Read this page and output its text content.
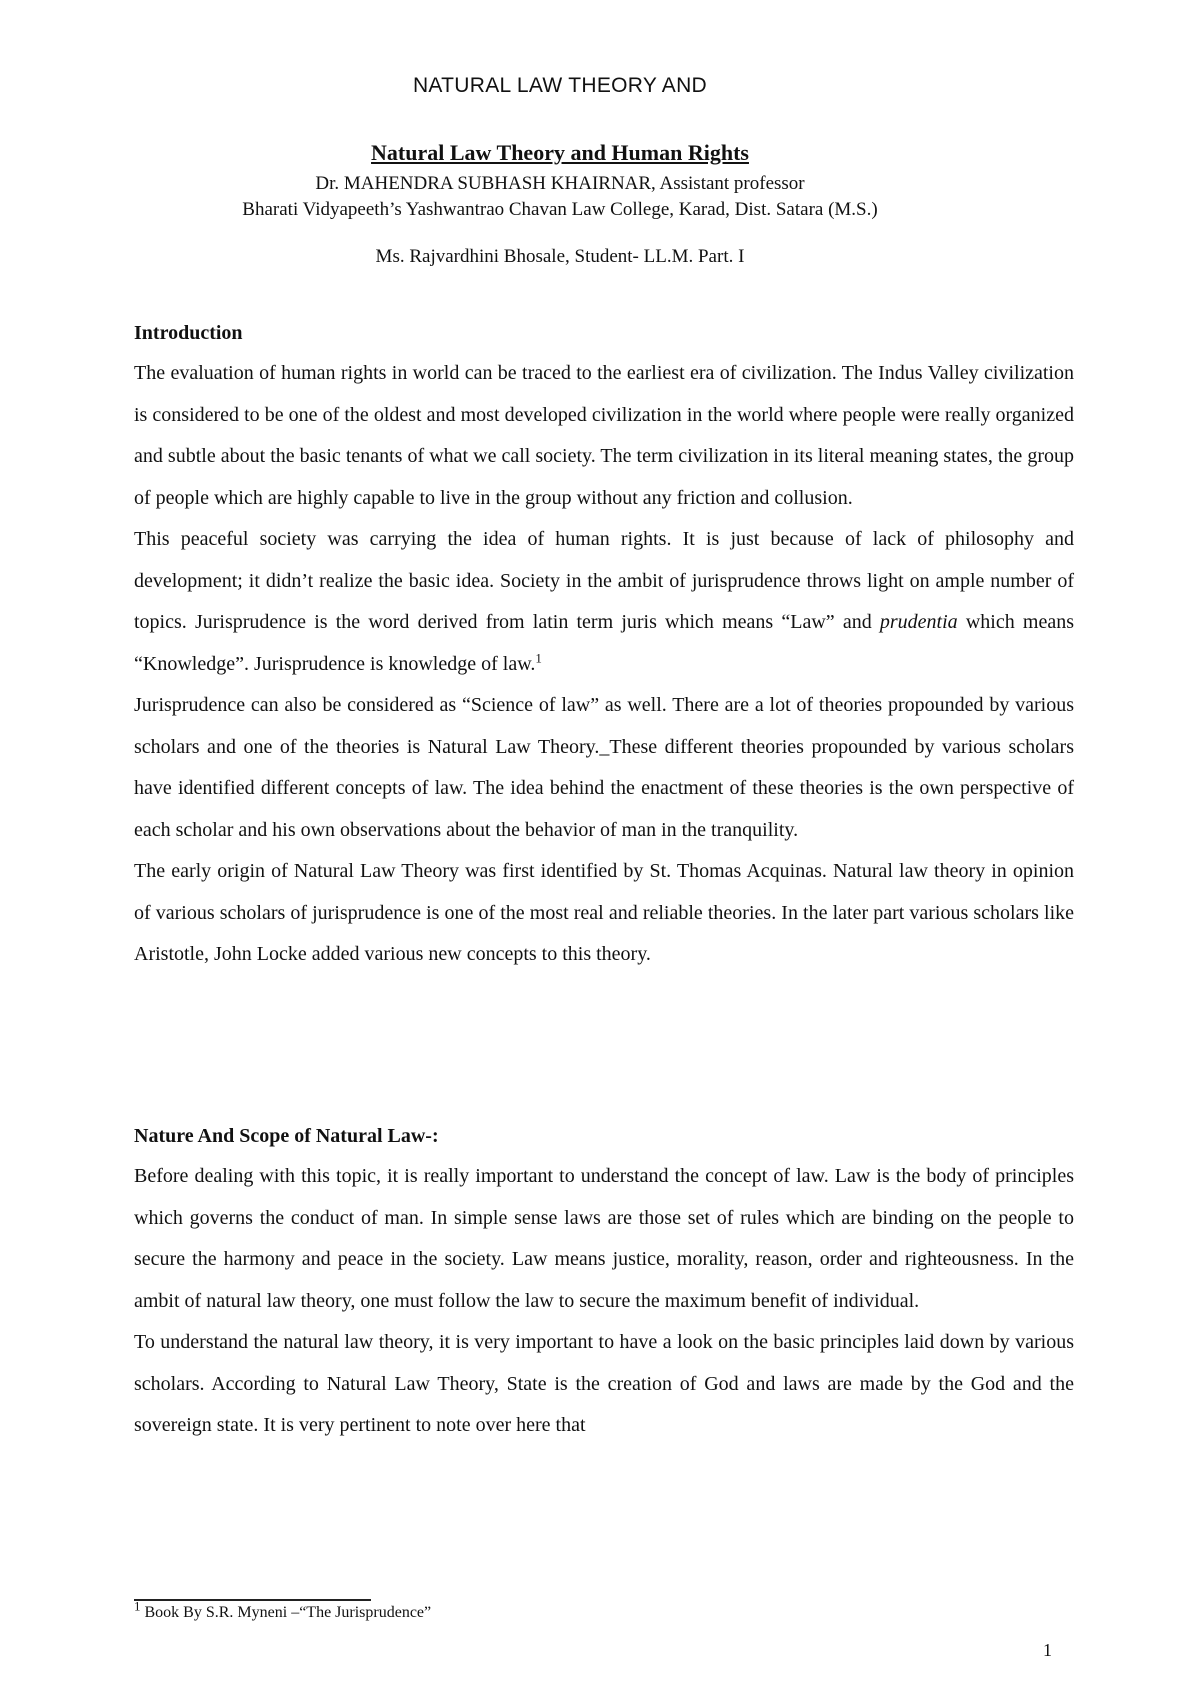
NATURAL LAW THEORY AND
Natural Law Theory and Human Rights
Dr. MAHENDRA SUBHASH KHAIRNAR, Assistant professor
Bharati Vidyapeeth’s Yashwantrao Chavan Law College, Karad, Dist. Satara (M.S.)
Ms. Rajvardhini Bhosale, Student- LL.M. Part. I
Introduction

The evaluation of human rights in world can be traced to the earliest era of civilization. The Indus Valley civilization is considered to be one of the oldest and most developed civilization in the world where people were really organized and subtle about the basic tenants of what we call society. The term civilization in its literal meaning states, the group of people which are highly capable to live in the group without any friction and collusion.

This peaceful society was carrying the idea of human rights. It is just because of lack of philosophy and development; it didn’t realize the basic idea. Society in the ambit of jurisprudence throws light on ample number of topics. Jurisprudence is the word derived from latin term juris which means “Law” and prudentia which means “Knowledge”. Jurisprudence is knowledge of law.$^1$

Jurisprudence can also be considered as “Science of law” as well. There are a lot of theories propounded by various scholars and one of the theories is Natural Law Theory._These different theories propounded by various scholars have identified different concepts of law. The idea behind the enactment of these theories is the own perspective of each scholar and his own observations about the behavior of man in the tranquility.

The early origin of Natural Law Theory was first identified by St. Thomas Acquinas. Natural law theory in opinion of various scholars of jurisprudence is one of the most real and reliable theories. In the later part various scholars like Aristotle, John Locke added various new concepts to this theory.

Nature And Scope of Natural Law-:

Before dealing with this topic, it is really important to understand the concept of law. Law is the body of principles which governs the conduct of man. In simple sense laws are those set of rules which are binding on the people to secure the harmony and peace in the society. Law means justice, morality, reason, order and righteousness. In the ambit of natural law theory, one must follow the law to secure the maximum benefit of individual.

To understand the natural law theory, it is very important to have a look on the basic principles laid down by various scholars. According to Natural Law Theory, State is the creation of God and laws are made by the God and the sovereign state. It is very pertinent to note over here that

$^1$ Book By S.R. Myneni –“The Jurisprudence”
1
